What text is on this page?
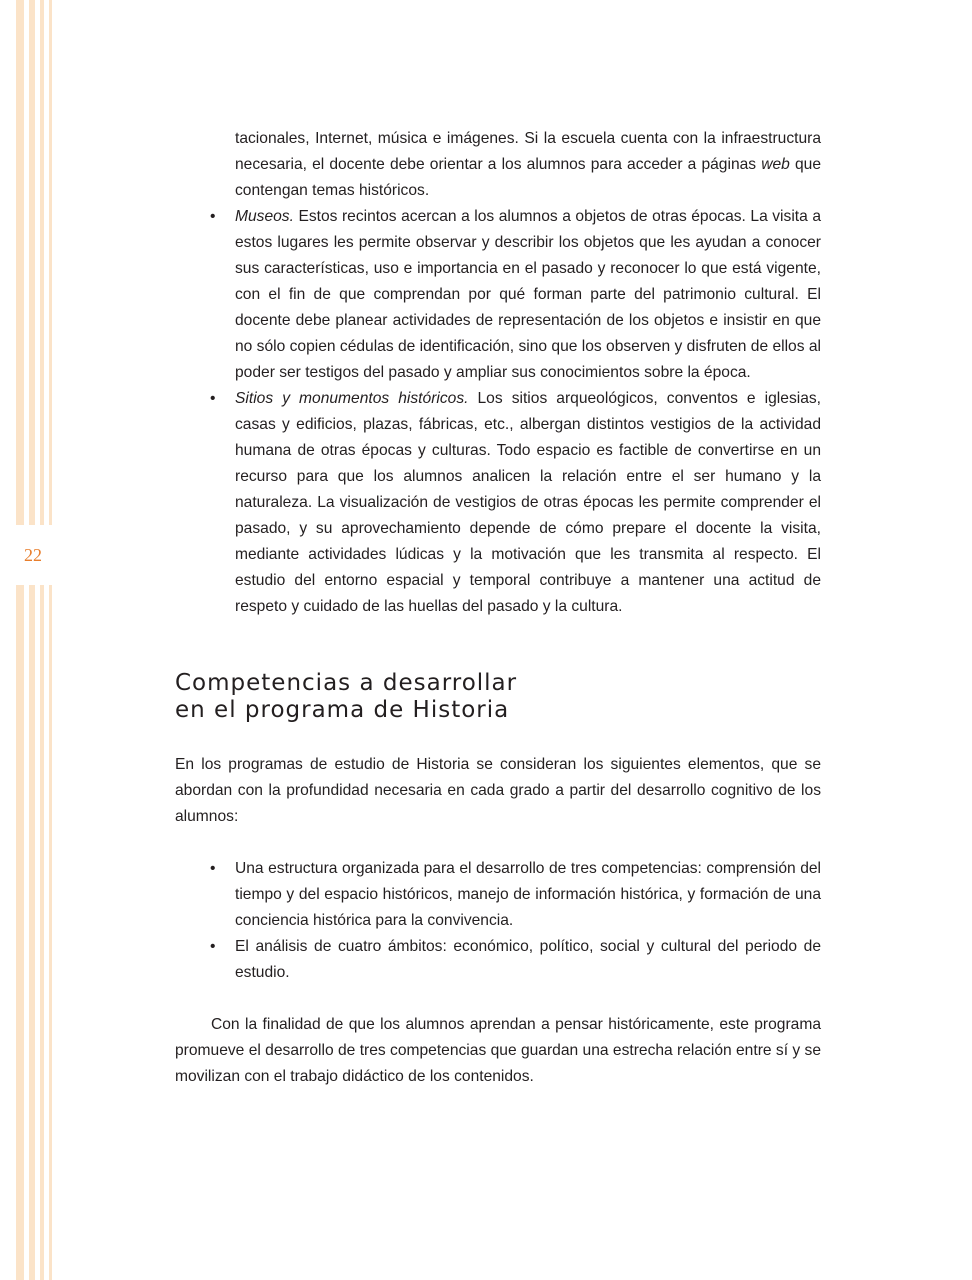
22

tacionales, Internet, música e imágenes. Si la escuela cuenta con la infraestructura necesaria, el docente debe orientar a los alumnos para acceder a páginas web que contengan temas históricos.

• Museos. Estos recintos acercan a los alumnos a objetos de otras épocas. La visita a estos lugares les permite observar y describir los objetos que les ayudan a conocer sus características, uso e importancia en el pasado y reconocer lo que está vigente, con el fin de que comprendan por qué forman parte del patrimonio cultural. El docente debe planear actividades de representación de los objetos e insistir en que no sólo copien cédulas de identificación, sino que los observen y disfruten de ellos al poder ser testigos del pasado y ampliar sus conocimientos sobre la época.
• Sitios y monumentos históricos. Los sitios arqueológicos, conventos e iglesias, casas y edificios, plazas, fábricas, etc., albergan distintos vestigios de la actividad humana de otras épocas y culturas. Todo espacio es factible de convertirse en un recurso para que los alumnos analicen la relación entre el ser humano y la naturaleza. La visualización de vestigios de otras épocas les permite comprender el pasado, y su aprovechamiento depende de cómo prepare el docente la visita, mediante actividades lúdicas y la motivación que les transmita al respecto. El estudio del entorno espacial y temporal contribuye a mantener una actitud de respeto y cuidado de las huellas del pasado y la cultura.
Competencias a desarrollar
en el programa de Historia

En los programas de estudio de Historia se consideran los siguientes elementos, que se abordan con la profundidad necesaria en cada grado a partir del desarrollo cognitivo de los alumnos:

• Una estructura organizada para el desarrollo de tres competencias: comprensión del tiempo y del espacio históricos, manejo de información histórica, y formación de una conciencia histórica para la convivencia.
• El análisis de cuatro ámbitos: económico, político, social y cultural del periodo de estudio.

Con la finalidad de que los alumnos aprendan a pensar históricamente, este programa promueve el desarrollo de tres competencias que guardan una estrecha relación entre sí y se movilizan con el trabajo didáctico de los contenidos.
